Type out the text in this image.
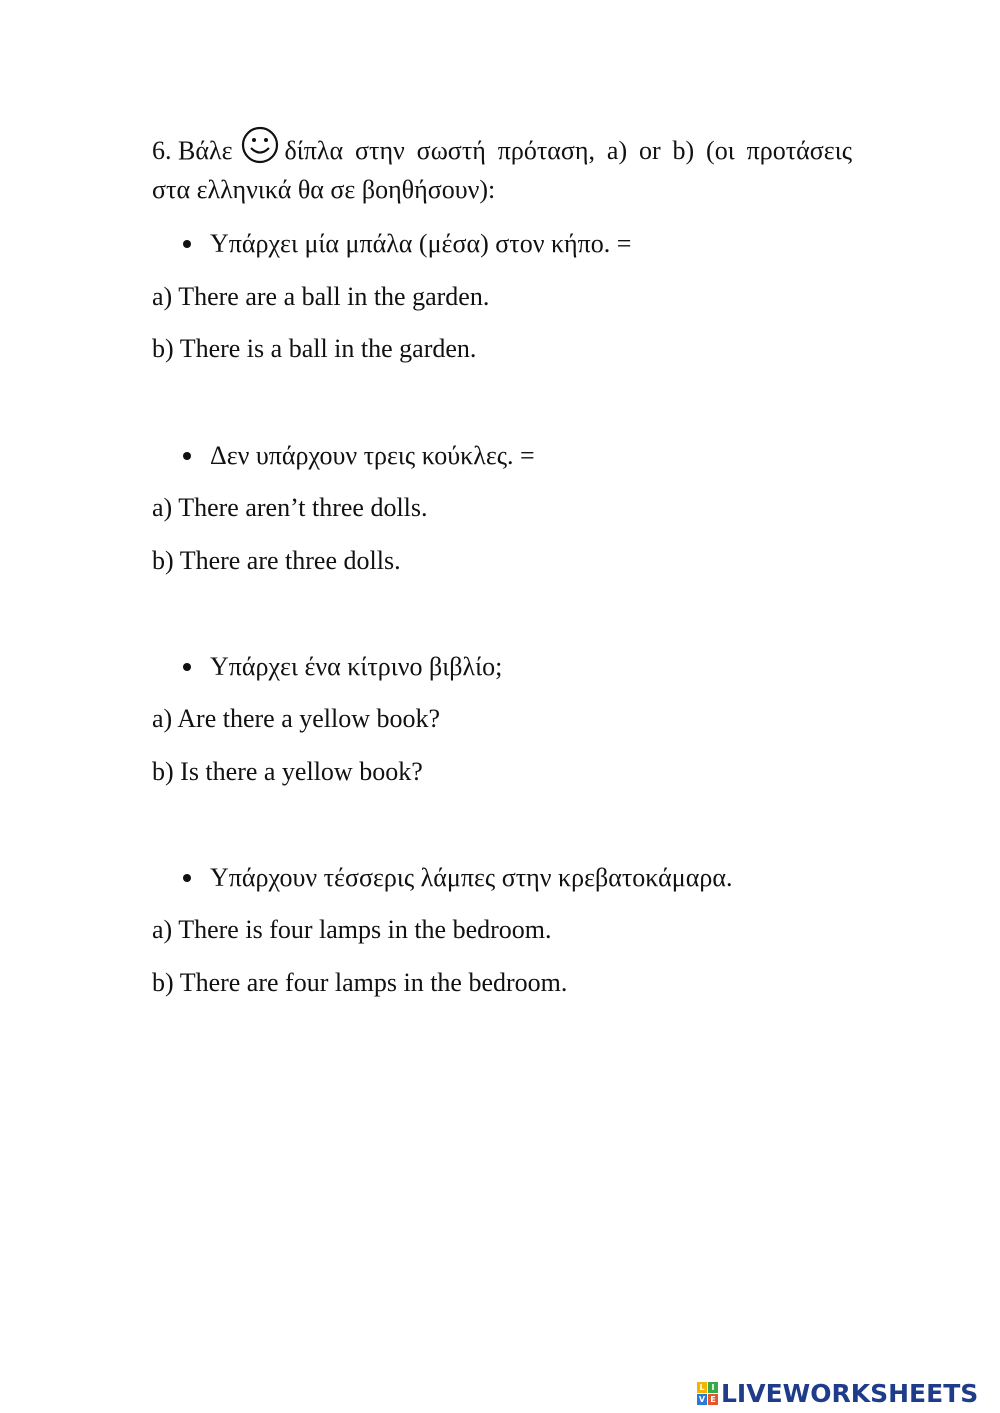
6. Βάλε δίπλα στην σωστή πρόταση, a) or b) (οι προτάσεις
στα ελληνικά θα σε βοηθήσουν):
Υπάρχει μία μπάλα (μέσα) στον κήπο. =
a) There are a ball in the garden.
b) There is a ball in the garden.
Δεν υπάρχουν τρεις κούκλες. =
a) There aren’t three dolls.
b) There are three dolls.
Υπάρχει ένα κίτρινο βιβλίο;
a) Are there a yellow book?
b) Is there a yellow book?
Υπάρχουν τέσσερις λάμπες στην κρεβατοκάμαρα.
a) There is four lamps in the bedroom.
b) There are four lamps in the bedroom.
L I
V E LIVEWORKSHEETS
